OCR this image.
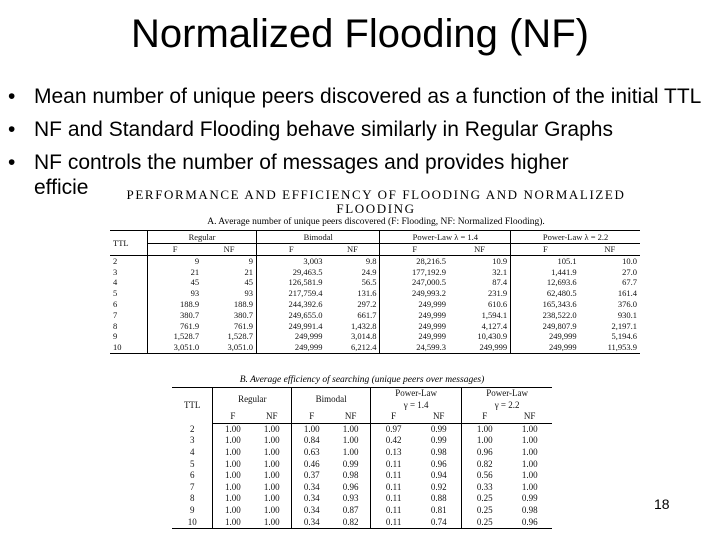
Normalized Flooding (NF)
• Mean number of unique peers discovered as a function of the initial TTL
• NF and Standard Flooding behave similarly in Regular Graphs
• NF controls the number of messages and provides higher
efficie	PERFORMANCE AND EFFICIENCY OF FLOODING AND NORMALIZED FLOODING
A. Average number of unique peers discovered (F: Flooding, NF: Normalized Flooding).
TTL	Regular		Bimodal		Power-Law λ = 1.4		Power-Law λ = 2.2	
	F	NF	F	NF	F	NF	F	NF
2	9	9	3,003	9.8	28,216.5	10.9	105.1	10.0
3	21	21	29,463.5	24.9	177,192.9	32.1	1,441.9	27.0
4	45	45	126,581.9	56.5	247,000.5	87.4	12,693.6	67.7
5	93	93	217,759.4	131.6	249,993.2	231.9	62,480.5	161.4
6	188.9	188.9	244,392.6	297.2	249,999	610.6	165,343.6	376.0
7	380.7	380.7	249,655.0	661.7	249,999	1,594.1	238,522.0	930.1
8	761.9	761.9	249,991.4	1,432.8	249,999	4,127.4	249,807.9	2,197.1
9	1,528.7	1,528.7	249,999	3,014.8	249,999	10,430.9	249,999	5,194.6
10	3,051.0	3,051.0	249,999	6,212.4	24,599.3	249,999	249,999	11,953.9
B. Average efficiency of searching (unique peers over messages)
TTL	Regular		Bimodal		Power-Law		Power-Law	
					γ = 1.4		γ = 2.2	
	F	NF	F	NF	F	NF	F	NF
2	1.00	1.00	1.00	1.00	0.97	0.99	1.00	1.00
3	1.00	1.00	0.84	1.00	0.42	0.99	1.00	1.00
4	1.00	1.00	0.63	1.00	0.13	0.98	0.96	1.00
5	1.00	1.00	0.46	0.99	0.11	0.96	0.82	1.00
6	1.00	1.00	0.37	0.98	0.11	0.94	0.56	1.00
7	1.00	1.00	0.34	0.96	0.11	0.92	0.33	1.00
8	1.00	1.00	0.34	0.93	0.11	0.88	0.25	0.99
9	1.00	1.00	0.34	0.87	0.11	0.81	0.25	0.98
10	1.00	1.00	0.34	0.82	0.11	0.74	0.25	0.96
18
